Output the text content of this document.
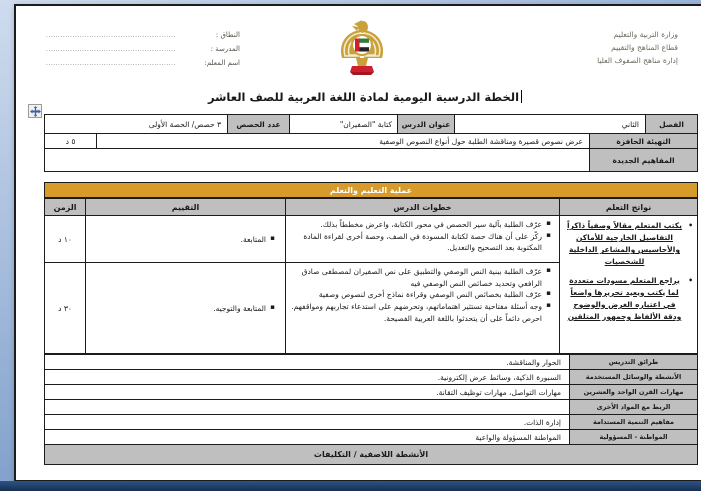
وزارة التربية والتعليم
قطاع المناهج والتقييم
إدارة مناهج الصفوف العليا
النطاق :
......................................................
المدرسة :
......................................................
اسم المعلم:
......................................................
الخطة الدرسية اليومية لمادة اللغة العربية للصف العاشر
الفصل
الثاني
عنوان الدرس
كتابة "الصفيران"
عدد الحصص
٣ حصص/ الحصة الأولى
التهيئة الحافزة
عرض نصوص قصيرة ومناقشة الطلبة حول أنواع النصوص الوصفية
٥ د
المفاهيم الجديدة
عملية التعليم والتعلم
نواتج التعلم
خطوات الدرس
التقييم
الزمن
• يكتب المتعلم مقالاً وصفياً ذاكراً التفاصيل الخارجية للأماكن والأحاسيس والمشاعر الداخلية للشخصيات
• يراجع المتعلم مسودات متعددة لما يكتب ويعيد تحريرها واضعاً في اعتباره الغرض والوضوح ودقة الألفاظ وجمهور المتلقين
▪ عرّف الطلبة بآلية سير الحصص في محور الكتابة، واعرض مخططاً بذلك.
▪ ركّز على أن هناك حصة لكتابة المسودة في الصف، وحصة أخرى لقراءة المادة المكتوبة بعد التصحيح والتعديل.
▪ المتابعة.
١٠ د
▪ عرّف الطلبة ببنية النص الوصفي والتطبيق على نص الصفيران لمصطفى صادق الرافعي وتحديد خصائص النص الوصفي فيه
▪ عرّف الطلبة بخصائص النص الوصفي وقراءة نماذج أخرى لنصوص وصفية
▪ وجه أسئلة مفتاحية تستثير اهتماماتهم، وتحرضهم على استدعاء تجاربهم ومواقفهم. احرص دائماً على أن يتحدثوا باللغة العربية الفصيحة.
▪ المتابعة والتوجيه.
٣٠ د
طرائق التدريس
الحوار والمناقشة.
الأنشطة والوسائل المستخدمة
السبورة الذكية، وسائط عرض إلكترونية.
مهارات القرن الواحد والعشرين
مهارات التواصل، مهارات توظيف التقانة.
الربط مع المواد الأخرى
مفاهيم التنمية المستدامة
إدارة الذات.
المواطنة - المسؤولية
المواطنة المسؤولة والواعية
الأنشطة اللاصفية / التكليفات
